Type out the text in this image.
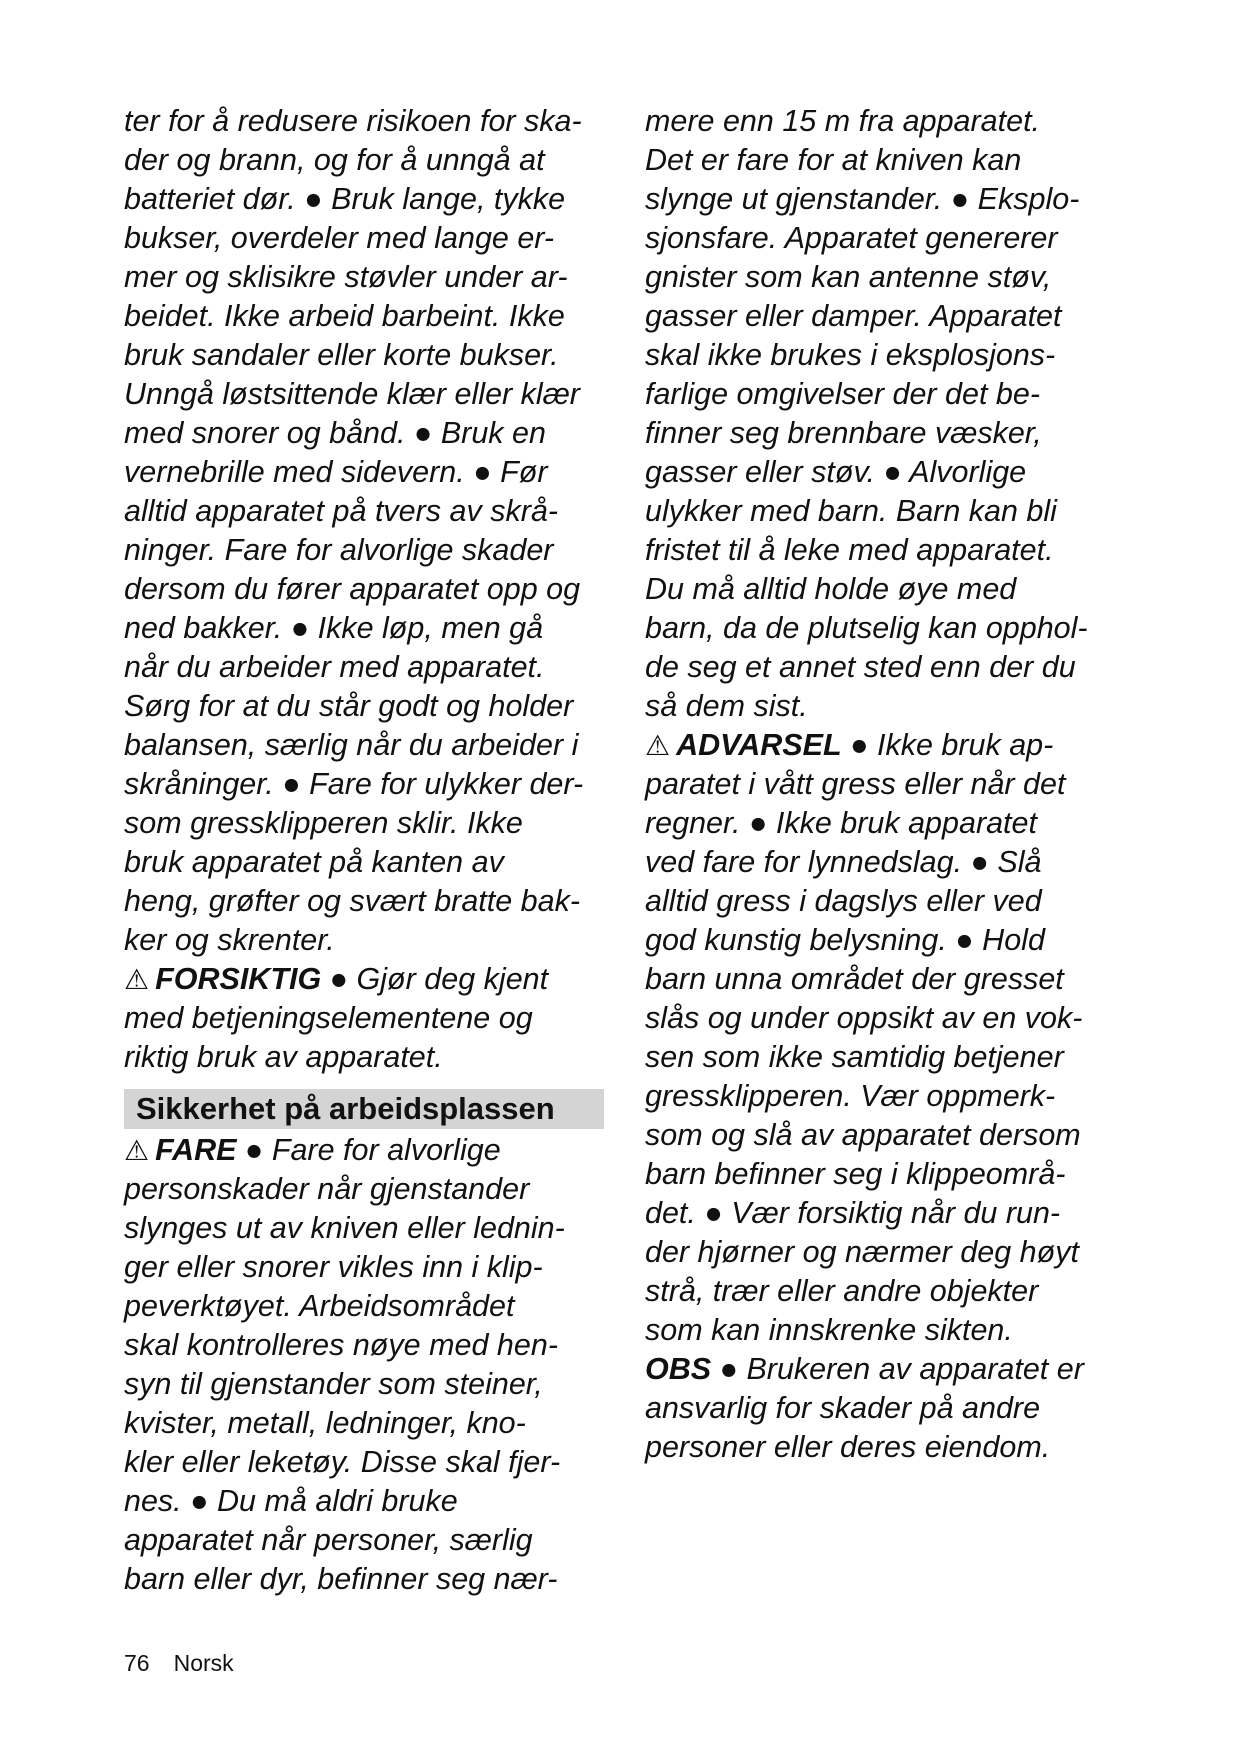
ter for å redusere risikoen for ska-
der og brann, og for å unngå at
batteriet dør. ● Bruk lange, tykke
bukser, overdeler med lange er-
mer og sklisikre støvler under ar-
beidet. Ikke arbeid barbeint. Ikke
bruk sandaler eller korte bukser.
Unngå løstsittende klær eller klær
med snorer og bånd. ● Bruk en
vernebrille med sidevern. ● Før
alltid apparatet på tvers av skrå-
ninger. Fare for alvorlige skader
dersom du fører apparatet opp og
ned bakker. ● Ikke løp, men gå
når du arbeider med apparatet.
Sørg for at du står godt og holder
balansen, særlig når du arbeider i
skråninger. ● Fare for ulykker der-
som gressklipperen sklir. Ikke
bruk apparatet på kanten av
heng, grøfter og svært bratte bak-
ker og skrenter.
⚠ FORSIKTIG ● Gjør deg kjent
med betjeningselementene og
riktig bruk av apparatet.
Sikkerhet på arbeidsplassen
⚠ FARE ● Fare for alvorlige
personskader når gjenstander
slynges ut av kniven eller lednin-
ger eller snorer vikles inn i klip-
peverktøyet. Arbeidsområdet
skal kontrolleres nøye med hen-
syn til gjenstander som steiner,
kvister, metall, ledninger, kno-
kler eller leketøy. Disse skal fjer-
nes. ● Du må aldri bruke
apparatet når personer, særlig
barn eller dyr, befinner seg nær-
mere enn 15 m fra apparatet.
Det er fare for at kniven kan
slynge ut gjenstander. ● Eksplo-
sjonsfare. Apparatet genererer
gnister som kan antenne støv,
gasser eller damper. Apparatet
skal ikke brukes i eksplosjons-
farlige omgivelser der det be-
finner seg brennbare væsker,
gasser eller støv. ● Alvorlige
ulykker med barn. Barn kan bli
fristet til å leke med apparatet.
Du må alltid holde øye med
barn, da de plutselig kan opphol-
de seg et annet sted enn der du
så dem sist.
⚠ ADVARSEL ● Ikke bruk ap-
paratet i vått gress eller når det
regner. ● Ikke bruk apparatet
ved fare for lynnedslag. ● Slå
alltid gress i dagslys eller ved
god kunstig belysning. ● Hold
barn unna området der gresset
slås og under oppsikt av en vok-
sen som ikke samtidig betjener
gressklipperen. Vær oppmerk-
som og slå av apparatet dersom
barn befinner seg i klippeområ-
det. ● Vær forsiktig når du run-
der hjørner og nærmer deg høyt
strå, trær eller andre objekter
som kan innskrenke sikten.
OBS ● Brukeren av apparatet er
ansvarlig for skader på andre
personer eller deres eiendom.
76 Norsk
